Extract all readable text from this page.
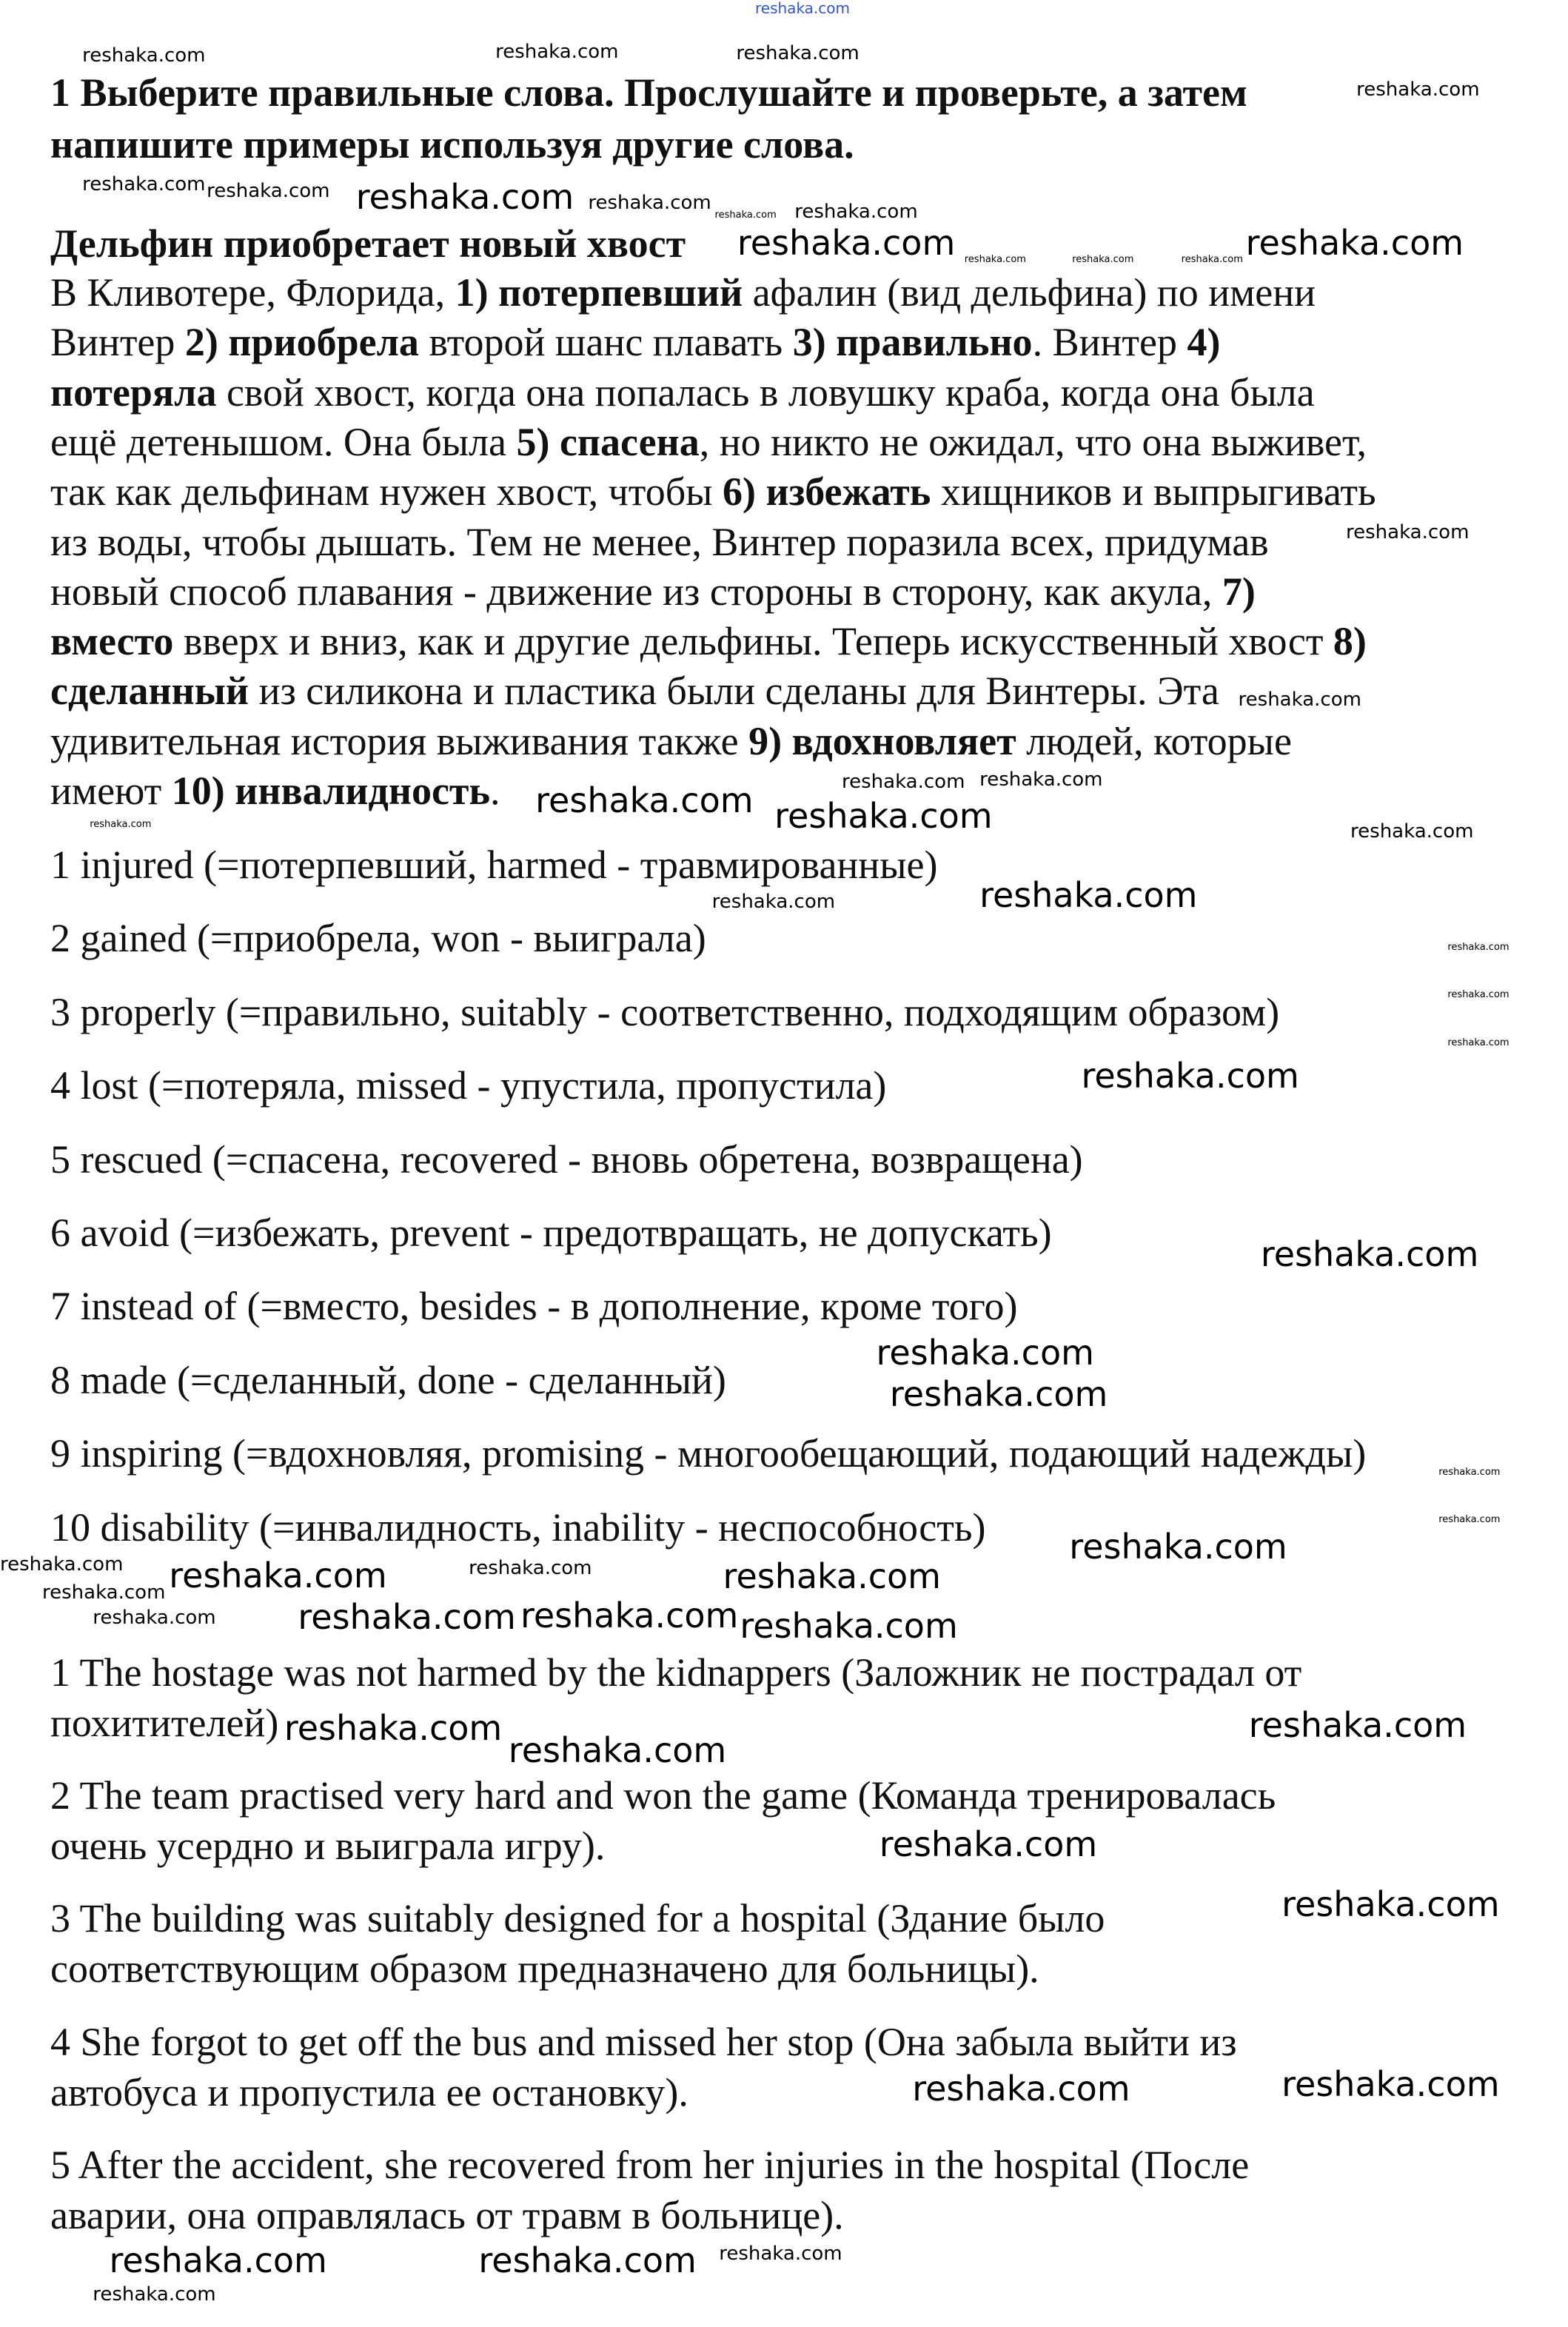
reshaka.com
1 Выберите правильные слова. Прослушайте и проверьте, а затем
напишите примеры используя другие слова.
Дельфин приобретает новый хвост
В Кливотере, Флорида, 1) потерпевший афалин (вид дельфина) по имени
Винтер 2) приобрела второй шанс плавать 3) правильно. Винтер 4)
потеряла свой хвост, когда она попалась в ловушку краба, когда она была
ещё детенышом. Она была 5) спасена, но никто не ожидал, что она выживет,
так как дельфинам нужен хвост, чтобы 6) избежать хищников и выпрыгивать
из воды, чтобы дышать. Тем не менее, Винтер поразила всех, придумав
новый способ плавания - движение из стороны в сторону, как акула, 7)
вместо вверх и вниз, как и другие дельфины. Теперь искусственный хвост 8)
сделанный из силикона и пластика были сделаны для Винтеры. Эта
удивительная история выживания также 9) вдохновляет людей, которые
имеют 10) инвалидность.
1 injured (=потерпевший, harmed - травмированные)
2 gained (=приобрела, won - выиграла)
3 properly (=правильно, suitably - соответственно, подходящим образом)
4 lost (=потеряла, missed - упустила, пропустила)
5 rescued (=спасена, recovered - вновь обретена, возвращена)
6 avoid (=избежать, prevent - предотвращать, не допускать)
7 instead of (=вместо, besides - в дополнение, кроме того)
8 made (=сделанный, done - сделанный)
9 inspiring (=вдохновляя, promising - многообещающий, подающий надежды)
10 disability (=инвалидность, inability - неспособность)
1 The hostage was not harmed by the kidnappers (Заложник не пострадал от
похитителей)
2 The team practised very hard and won the game (Команда тренировалась
очень усердно и выиграла игру).
3 The building was suitably designed for a hospital (Здание было
соответствующим образом предназначено для больницы).
4 She forgot to get off the bus and missed her stop (Она забыла выйти из
автобуса и пропустила ее остановку).
5 After the accident, she recovered from her injuries in the hospital (После
аварии, она оправлялась от травм в больнице).
reshaka.com
reshaka.com	reshaka.com
reshaka.com
reshaka.com
reshaka.com
reshaka.com
reshaka.com
reshaka.com
reshaka.com
reshaka.com
reshaka.com
reshaka.com
reshaka.com
reshaka.com	reshaka.com
reshaka.com
reshaka.com
reshaka.com
reshaka.com
reshaka.com
reshaka.com	reshaka.com
reshaka.com	reshaka.com
reshaka.com
reshaka.com
reshaka.com
reshaka.com
reshaka.com
reshaka.com
reshaka.com
reshaka.com
reshaka.com
reshaka.com
reshaka.com
reshaka.com
reshaka.com
reshaka.com
reshaka.com
reshaka.com
reshaka.com
reshaka.com
reshaka.com
reshaka.com
reshaka.com
reshaka.com	reshaka.com	reshaka.com
reshaka.com
reshaka.com
reshaka.com
reshaka.com
reshaka.com
reshaka.com
